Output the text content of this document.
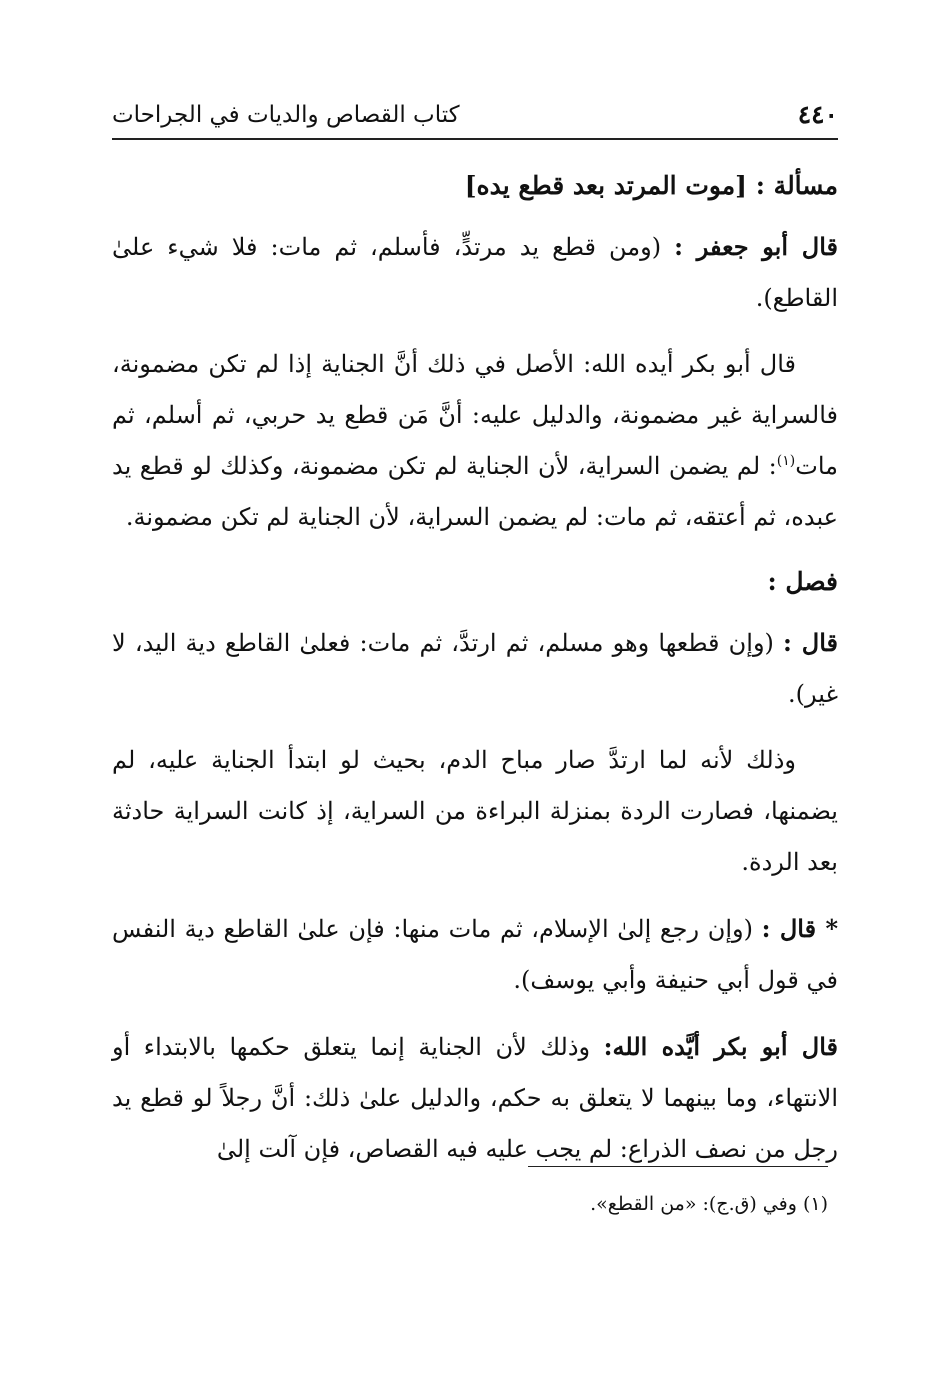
٤٤٠
كتاب القصاص والديات في الجراحات

مسألة : [موت المرتد بعد قطع يده]

قال أبو جعفر : (ومن قطع يد مرتدٍّ، فأسلم، ثم مات: فلا شيء علىٰ القاطع).

قال أبو بكر أيده الله: الأصل في ذلك أنَّ الجناية إذا لم تكن مضمونة، فالسراية غير مضمونة، والدليل عليه: أنَّ مَن قطع يد حربي، ثم أسلم، ثم مات$^{(١)}$: لم يضمن السراية، لأن الجناية لم تكن مضمونة، وكذلك لو قطع يد عبده، ثم أعتقه، ثم مات: لم يضمن السراية، لأن الجناية لم تكن مضمونة.

فصل :

قال : (وإن قطعها وهو مسلم، ثم ارتدَّ، ثم مات: فعلىٰ القاطع دية اليد، لا غير).

وذلك لأنه لما ارتدَّ صار مباح الدم، بحيث لو ابتدأ الجناية عليه، لم يضمنها، فصارت الردة بمنزلة البراءة من السراية، إذ كانت السراية حادثة بعد الردة.

* قال : (وإن رجع إلىٰ الإسلام، ثم مات منها: فإن علىٰ القاطع دية النفس في قول أبي حنيفة وأبي يوسف).

قال أبو بكر أيَّده الله: وذلك لأن الجناية إنما يتعلق حكمها بالابتداء أو الانتهاء، وما بينهما لا يتعلق به حكم، والدليل علىٰ ذلك: أنَّ رجلاً لو قطع يد رجل من نصف الذراع: لم يجب عليه فيه القصاص، فإن آلت إلىٰ

(١) وفي (ق.ج): «من القطع».
